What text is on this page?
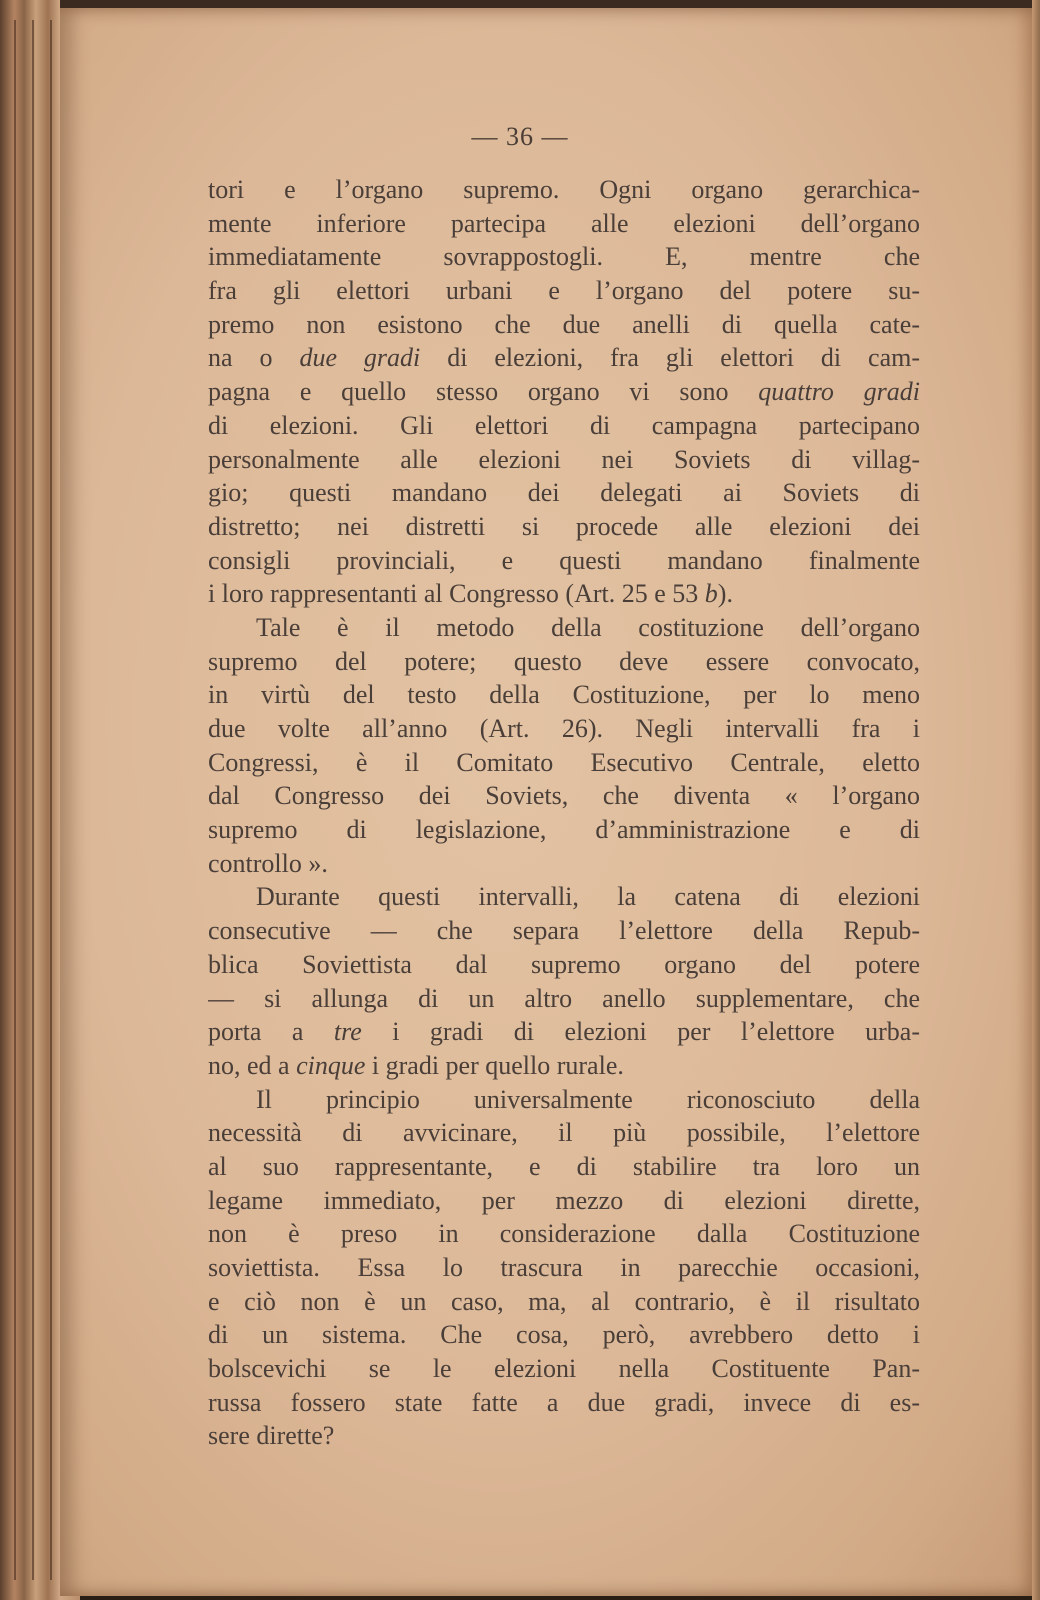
— 36 —
tori e l’organo supremo. Ogni organo gerarchica-
mente inferiore partecipa alle elezioni dell’organo
immediatamente sovrappostogli. E, mentre che
fra gli elettori urbani e l’organo del potere su-
premo non esistono che due anelli di quella cate-
na o due gradi di elezioni, fra gli elettori di cam-
pagna e quello stesso organo vi sono quattro gradi
di elezioni. Gli elettori di campagna partecipano
personalmente alle elezioni nei Soviets di villag-
gio; questi mandano dei delegati ai Soviets di
distretto; nei distretti si procede alle elezioni dei
consigli provinciali, e questi mandano finalmente
i loro rappresentanti al Congresso (Art. 25 e 53 b).
Tale è il metodo della costituzione dell’organo
supremo del potere; questo deve essere convocato,
in virtù del testo della Costituzione, per lo meno
due volte all’anno (Art. 26). Negli intervalli fra i
Congressi, è il Comitato Esecutivo Centrale, eletto
dal Congresso dei Soviets, che diventa « l’organo
supremo di legislazione, d’amministrazione e di
controllo ».
Durante questi intervalli, la catena di elezioni
consecutive — che separa l’elettore della Repub-
blica Soviettista dal supremo organo del potere
— si allunga di un altro anello supplementare, che
porta a tre i gradi di elezioni per l’elettore urba-
no, ed a cinque i gradi per quello rurale.
Il principio universalmente riconosciuto della
necessità di avvicinare, il più possibile, l’elettore
al suo rappresentante, e di stabilire tra loro un
legame immediato, per mezzo di elezioni dirette,
non è preso in considerazione dalla Costituzione
soviettista. Essa lo trascura in parecchie occasioni,
e ciò non è un caso, ma, al contrario, è il risultato
di un sistema. Che cosa, però, avrebbero detto i
bolscevichi se le elezioni nella Costituente Pan-
russa fossero state fatte a due gradi, invece di es-
sere dirette?
